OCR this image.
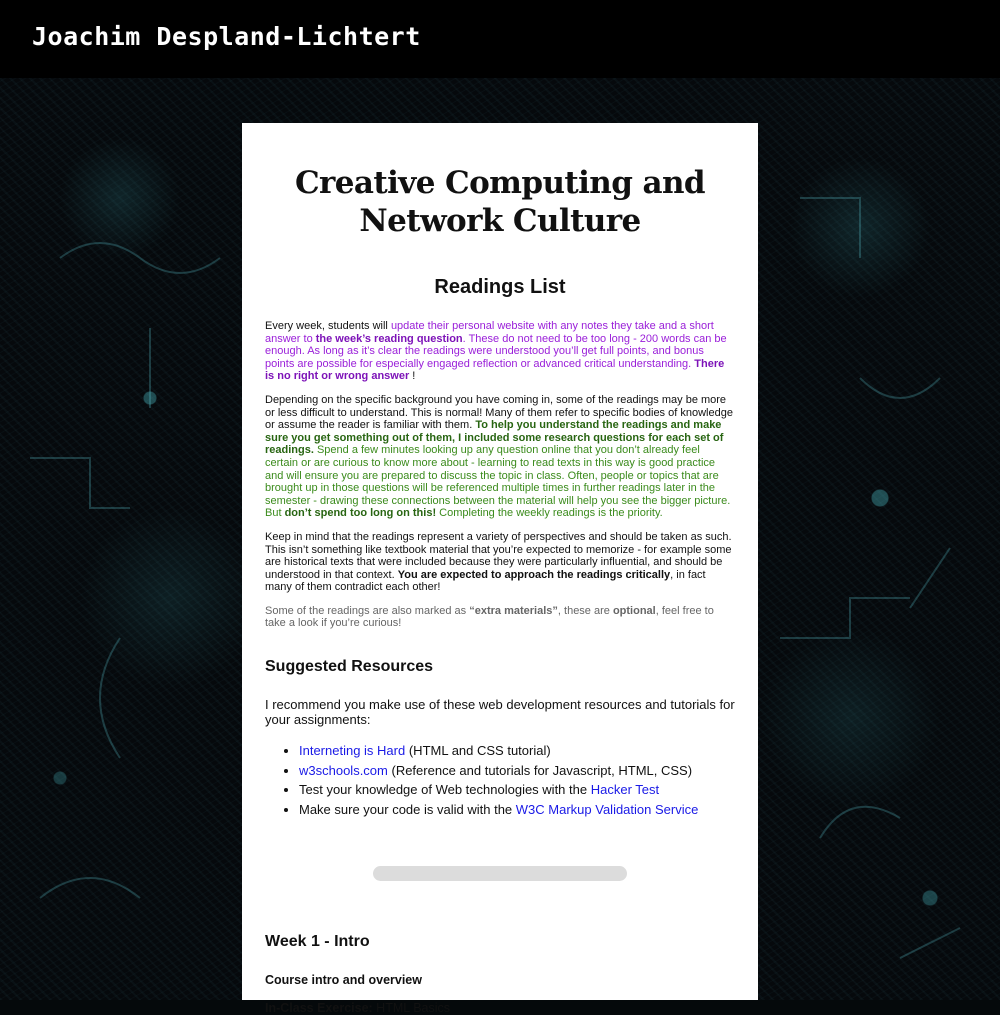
Joachim Despland-Lichtert
Creative Computing and Network Culture
Readings List

Every week, students will update their personal website with any notes they take and a short answer to the week’s reading question. These do not need to be too long - 200 words can be enough. As long as it’s clear the readings were understood you’ll get full points, and bonus points are possible for especially engaged reflection or advanced critical understanding. There is no right or wrong answer !

Depending on the specific background you have coming in, some of the readings may be more or less difficult to understand. This is normal! Many of them refer to specific bodies of knowledge or assume the reader is familiar with them. To help you understand the readings and make sure you get something out of them, I included some research questions for each set of readings. Spend a few minutes looking up any question online that you don’t already feel certain or are curious to know more about - learning to read texts in this way is good practice and will ensure you are prepared to discuss the topic in class. Often, people or topics that are brought up in those questions will be referenced multiple times in further readings later in the semester - drawing these connections between the material will help you see the bigger picture. But don’t spend too long on this! Completing the weekly readings is the priority.

Keep in mind that the readings represent a variety of perspectives and should be taken as such. This isn’t something like textbook material that you’re expected to memorize - for example some are historical texts that were included because they were particularly influential, and should be understood in that context. You are expected to approach the readings critically, in fact many of them contradict each other!

Some of the readings are also marked as “extra materials”, these are optional, feel free to take a look if you’re curious!

Suggested Resources

I recommend you make use of these web development resources and tutorials for your assignments:

• Interneting is Hard (HTML and CSS tutorial)
• w3schools.com (Reference and tutorials for Javascript, HTML, CSS)
• Test your knowledge of Web technologies with the Hacker Test
• Make sure your code is valid with the W3C Markup Validation Service
Week 1 - Intro
Course intro and overview
In-Class Exercise: HTML Basics
